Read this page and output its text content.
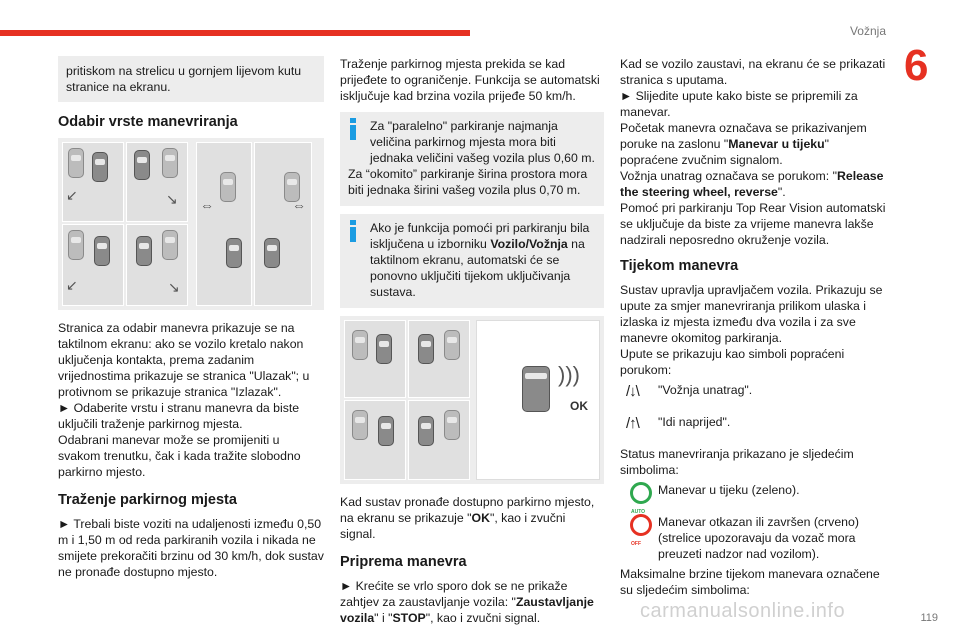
Vožnja
6

pritiskom na strelicu u gornjem lijevom kutu stranice na ekranu.

Odabir vrste manevriranja
↙	↘
↙	↘
⇔	⇔

Stranica za odabir manevra prikazuje se na taktilnom ekranu: ako se vozilo kretalo nakon uključenja kontakta, prema zadanim vrijednostima prikazuje se stranica "Ulazak"; u protivnom se prikazuje stranica "Izlazak".

► Odaberite vrstu i stranu manevra da biste uključili traženje parkirnog mjesta.

Odabrani manevar može se promijeniti u svakom trenutku, čak i kada tražite slobodno parkirno mjesto.

Traženje parkirnog mjesta

► Trebali biste voziti na udaljenosti između 0,50 m i 1,50 m od reda parkiranih vozila i nikada ne smijete prekoračiti brzinu od 30 km/h, dok sustav ne pronađe dostupno mjesto.

Traženje parkirnog mjesta prekida se kad prijeđete to ograničenje. Funkcija se automatski isključuje kad brzina vozila prijeđe 50 km/h.

Za "paralelno" parkiranje najmanja veličina parkirnog mjesta mora biti jednaka veličini vašeg vozila plus 0,60 m.

Za “okomito” parkiranje širina prostora mora biti jednaka širini vašeg vozila plus 0,70 m.

Ako je funkcija pomoći pri parkiranju bila isključena u izborniku Vozilo/Vožnja na taktilnom ekranu, automatski će se ponovno uključiti tijekom uključivanja sustava.

)))
OK

Kad sustav pronađe dostupno parkirno mjesto, na ekranu se prikazuje "OK", kao i zvučni signal.

Priprema manevra

► Krećite se vrlo sporo dok se ne prikaže zahtjev za zaustavljanje vozila: "Zaustavljanje vozila" i "STOP", kao i zvučni signal.

Kad se vozilo zaustavi, na ekranu će se prikazati stranica s uputama.

► Slijedite upute kako biste se pripremili za manevar.

Početak manevra označava se prikazivanjem poruke na zaslonu "Manevar u tijeku" popraćene zvučnim signalom.

Vožnja unatrag označava se porukom: "Release the steering wheel, reverse".

Pomoć pri parkiranju Top Rear Vision automatski se uključuje da biste za vrijeme manevra lakše nadzirali neposredno okruženje vozila.

Tijekom manevra

Sustav upravlja upravljačem vozila. Prikazuju se upute za smjer manevriranja prilikom ulaska i izlaska iz mjesta između dva vozila i za sve manevre okomitog parkiranja.

Upute se prikazuju kao simboli popraćeni porukom:

/↓\ "Vožnja unatrag".

/↑\ "Idi naprijed".

Status manevriranja prikazano je sljedećim simbolima:

AUTO

Manevar u tijeku (zeleno).

OFF

Manevar otkazan ili završen (crveno) (strelice upozoravaju da vozač mora preuzeti nadzor nad vozilom).

Maksimalne brzine tijekom manevara označene su sljedećim simbolima:

carmanualsonline.info	119
